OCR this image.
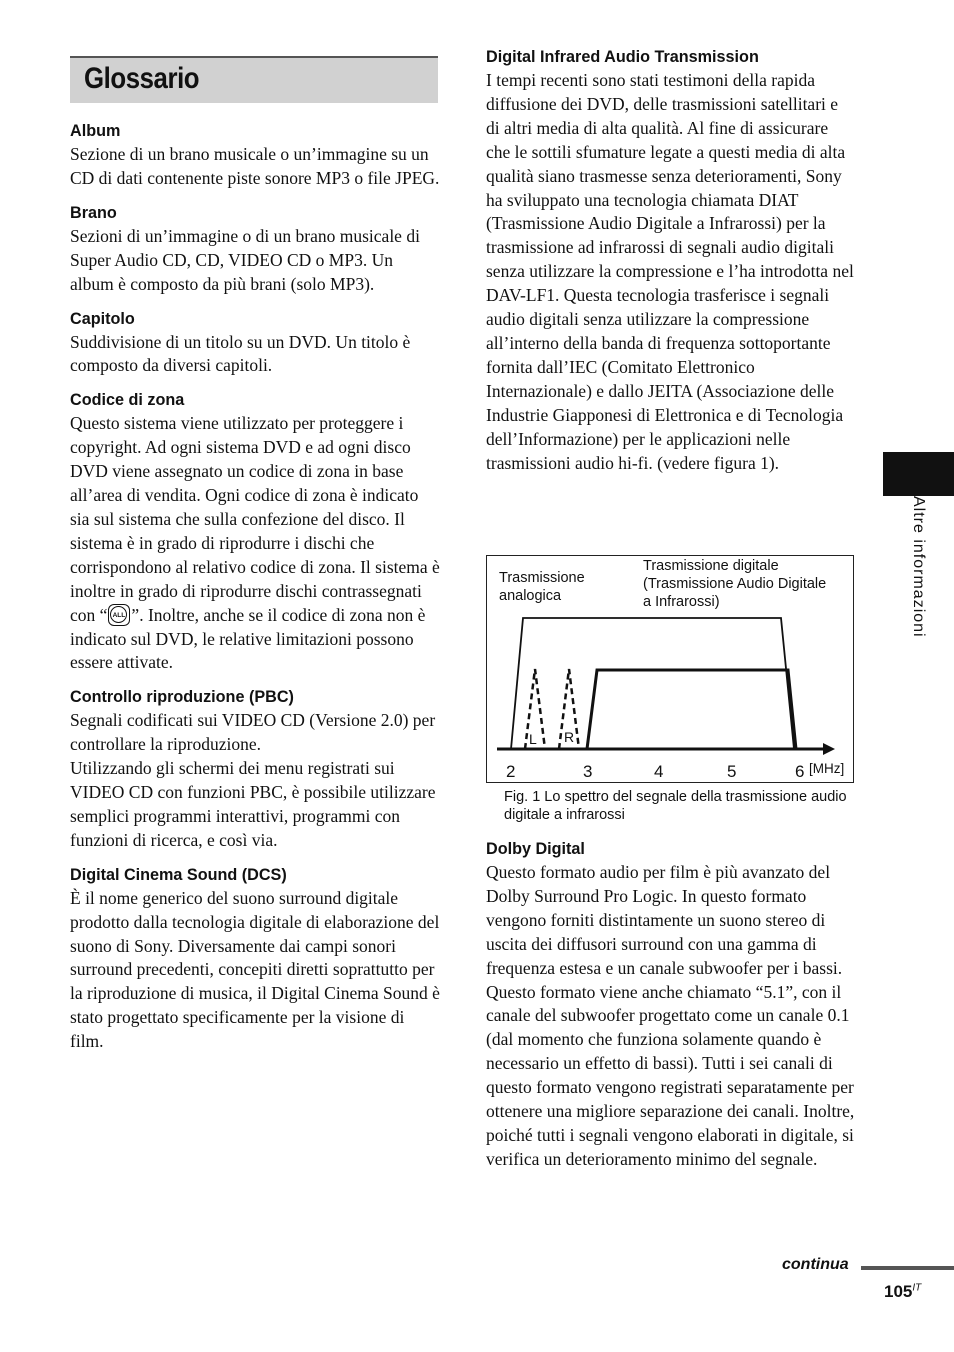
Glossario

Album

Sezione di un brano musicale o un’immagine su un CD di dati contenente piste sonore MP3 o file JPEG.

Brano

Sezioni di un’immagine o di un brano musicale di Super Audio CD, CD, VIDEO CD o MP3. Un album è composto da più brani (solo MP3).

Capitolo

Suddivisione di un titolo su un DVD. Un titolo è composto da diversi capitoli.

Codice di zona

Questo sistema viene utilizzato per proteggere i copyright. Ad ogni sistema DVD e ad ogni disco DVD viene assegnato un codice di zona in base all’area di vendita. Ogni codice di zona è indicato sia sul sistema che sulla confezione del disco. Il sistema è in grado di riprodurre i dischi che corrispondono al relativo codice di zona. Il sistema è inoltre in grado di riprodurre dischi contrassegnati con “ ALL ”. Inoltre, anche se il codice di zona non è indicato sul DVD, le relative limitazioni possono essere attivate.

Controllo riproduzione (PBC)

Segnali codificati sui VIDEO CD (Versione 2.0) per controllare la riproduzione.

Utilizzando gli schermi dei menu registrati sui VIDEO CD con funzioni PBC, è possibile utilizzare semplici programmi interattivi, programmi con funzioni di ricerca, e così via.

Digital Cinema Sound (DCS)

È il nome generico del suono surround digitale prodotto dalla tecnologia digitale di elaborazione del suono di Sony. Diversamente dai campi sonori surround precedenti, concepiti diretti soprattutto per la riproduzione di musica, il Digital Cinema Sound è stato progettato specificamente per la visione di film.

Digital Infrared Audio Transmission

I tempi recenti sono stati testimoni della rapida diffusione dei DVD, delle trasmissioni satellitari e di altri media di alta qualità. Al fine di assicurare che le sottili sfumature legate a questi media di alta qualità siano trasmesse senza deterioramenti, Sony ha sviluppato una tecnologia chiamata DIAT (Trasmissione Audio Digitale a Infrarossi) per la trasmissione ad infrarossi di segnali audio digitali senza utilizzare la compressione e l’ha introdotta nel DAV-LF1. Questa tecnologia trasferisce i segnali audio digitali senza utilizzare la compressione all’interno della banda di frequenza sottoportante fornita dall’IEC (Comitato Elettronico Internazionale) e dallo JEITA (Associazione delle Industrie Giapponesi di Elettronica e di Tecnologia dell’Informazione) per le applicazioni nelle trasmissioni audio hi-fi. (vedere figura 1).

Trasmissione
analogica
Trasmissione digitale
(Trasmissione Audio Digitale
a Infrarossi)
L R
2	3	4	5	6 [MHz]
Fig. 1 Lo spettro del segnale della trasmissione audio digitale a infrarossi

Dolby Digital

Questo formato audio per film è più avanzato del Dolby Surround Pro Logic. In questo formato vengono forniti distintamente un suono stereo di uscita dei diffusori surround con una gamma di frequenza estesa e un canale subwoofer per i bassi. Questo formato viene anche chiamato “5.1”, con il canale del subwoofer progettato come un canale 0.1 (dal momento che funziona solamente quando è necessario un effetto di bassi). Tutti i sei canali di questo formato vengono registrati separatamente per ottenere una migliore separazione dei canali. Inoltre, poiché tutti i segnali vengono elaborati in digitale, si verifica un deterioramento minimo del segnale.

Altre informazioni
continua
$105^{IT}$
